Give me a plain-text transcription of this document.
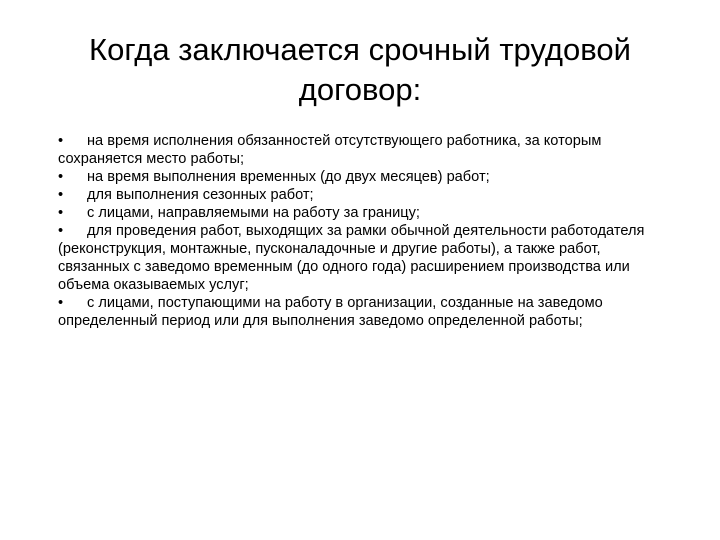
Когда заключается срочный трудовой
договор:

• на время исполнения обязанностей отсутствующего работника, за которым сохраняется место работы;

• на время выполнения временных (до двух месяцев) работ;

• для выполнения сезонных работ;

• с лицами, направляемыми на работу за границу;

• для проведения работ, выходящих за рамки обычной деятельности работодателя (реконструкция, монтажные, пусконаладочные и другие работы), а также работ, связанных с заведомо временным (до одного года) расширением производства или объема оказываемых услуг;

• с лицами, поступающими на работу в организации, созданные на заведомо определенный период или для выполнения заведомо определенной работы;
